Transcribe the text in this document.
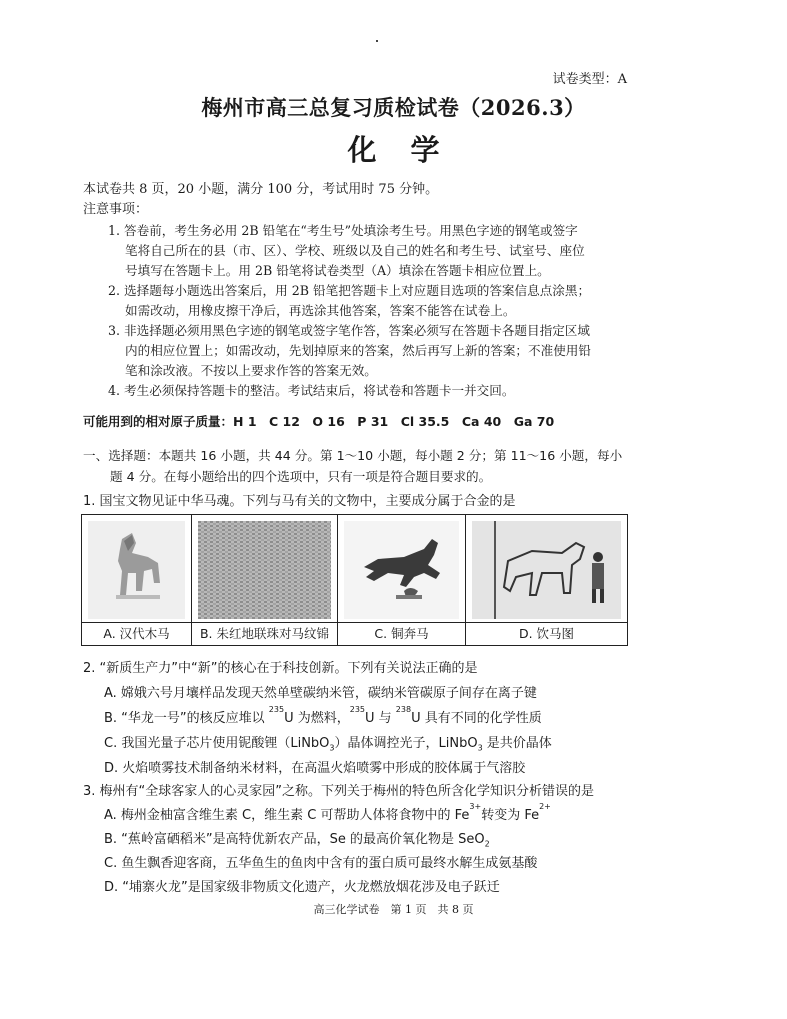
试卷类型：A
梅州市高三总复习质检试卷（2026.3）
化学
本试卷共 8 页，20 小题，满分 100 分，考试用时 75 分钟。
注意事项：
1. 答卷前，考生务必用 2B 铅笔在“考生号”处填涂考生号。用黑色字迹的钢笔或签字
笔将自己所在的县（市、区）、学校、班级以及自己的姓名和考生号、试室号、座位
号填写在答题卡上。用 2B 铅笔将试卷类型（A）填涂在答题卡相应位置上。
2. 选择题每小题选出答案后，用 2B 铅笔把答题卡上对应题目选项的答案信息点涂黑；
如需改动，用橡皮擦干净后，再选涂其他答案，答案不能答在试卷上。
3. 非选择题必须用黑色字迹的钢笔或签字笔作答，答案必须写在答题卡各题目指定区域
内的相应位置上；如需改动，先划掉原来的答案，然后再写上新的答案；不准使用铅
笔和涂改液。不按以上要求作答的答案无效。
4. 考生必须保持答题卡的整洁。考试结束后，将试卷和答题卡一并交回。
可能用到的相对原子质量：H 1　C 12　O 16　P 31　Cl 35.5　Ca 40　Ga 70
一、选择题：本题共 16 小题，共 44 分。第 1～10 小题，每小题 2 分；第 11～16 小题，每小
题 4 分。在每小题给出的四个选项中，只有一项是符合题目要求的。
1. 国宝文物见证中华马魂。下列与马有关的文物中，主要成分属于合金的是
A. 汉代木马	B. 朱红地联珠对马纹锦	C. 铜奔马	D. 饮马图
2. “新质生产力”中“新”的核心在于科技创新。下列有关说法正确的是
A. 嫦娥六号月壤样品发现天然单壁碳纳米管，碳纳米管碳原子间存在离子键
B. “华龙一号”的核反应堆以 $^{235}$U 为燃料，$^{235}$U 与 $^{238}$U 具有不同的化学性质
C. 我国光量子芯片使用铌酸锂（LiNbO$_3$）晶体调控光子，LiNbO$_3$ 是共价晶体
D. 火焰喷雾技术制备纳米材料，在高温火焰喷雾中形成的胶体属于气溶胶
3. 梅州有“全球客家人的心灵家园”之称。下列关于梅州的特色所含化学知识分析错误的是
A. 梅州金柚富含维生素 C，维生素 C 可帮助人体将食物中的 $Fe^{3+}$转变为 $Fe^{2+}$
B. “蕉岭富硒稻米”是高特优新农产品，Se 的最高价氧化物是 SeO$_2$
C. 鱼生飘香迎客商，五华鱼生的鱼肉中含有的蛋白质可最终水解生成氨基酸
D. “埔寨火龙”是国家级非物质文化遗产，火龙燃放烟花涉及电子跃迁
高三化学试卷　第 1 页　共 8 页
